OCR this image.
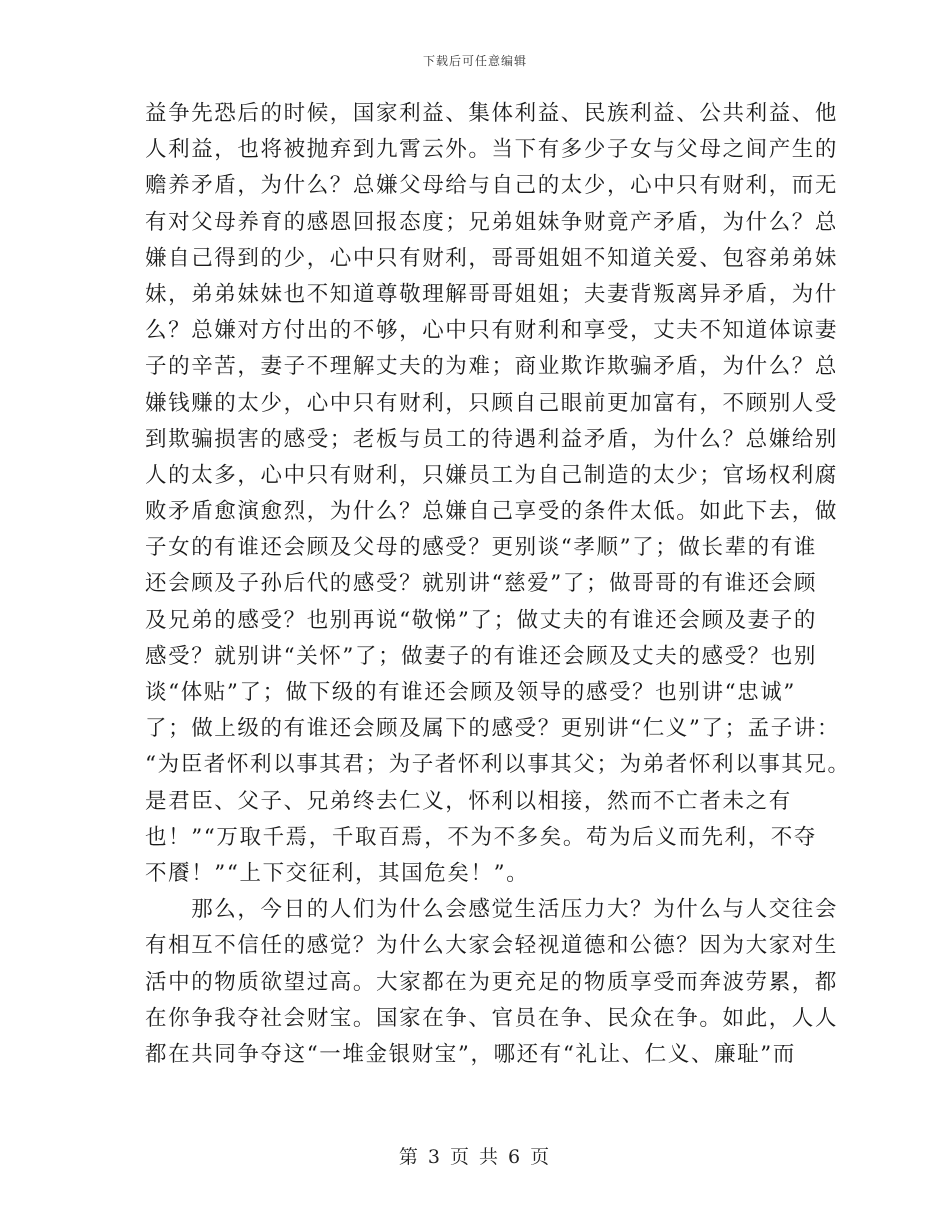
下载后可任意编辑
益争先恐后的时候，国家利益、集体利益、民族利益、公共利益、他
人利益，也将被抛弃到九霄云外。当下有多少子女与父母之间产生的
赡养矛盾，为什么？总嫌父母给与自己的太少，心中只有财利，而无
有对父母养育的感恩回报态度；兄弟姐妹争财竟产矛盾，为什么？总
嫌自己得到的少，心中只有财利，哥哥姐姐不知道关爱、包容弟弟妹
妹，弟弟妹妹也不知道尊敬理解哥哥姐姐；夫妻背叛离异矛盾，为什
么？总嫌对方付出的不够，心中只有财利和享受，丈夫不知道体谅妻
子的辛苦，妻子不理解丈夫的为难；商业欺诈欺骗矛盾，为什么？总
嫌钱赚的太少，心中只有财利，只顾自己眼前更加富有，不顾别人受
到欺骗损害的感受；老板与员工的待遇利益矛盾，为什么？总嫌给别
人的太多，心中只有财利，只嫌员工为自己制造的太少；官场权利腐
败矛盾愈演愈烈，为什么？总嫌自己享受的条件太低。如此下去，做
子女的有谁还会顾及父母的感受？更别谈“孝顺”了；做长辈的有谁
还会顾及子孙后代的感受？就别讲“慈爱”了；做哥哥的有谁还会顾
及兄弟的感受？也别再说“敬悌”了；做丈夫的有谁还会顾及妻子的
感受？就别讲“关怀”了；做妻子的有谁还会顾及丈夫的感受？也别
谈“体贴”了；做下级的有谁还会顾及领导的感受？也别讲“忠诚”
了；做上级的有谁还会顾及属下的感受？更别讲“仁义”了；孟子讲：
“为臣者怀利以事其君；为子者怀利以事其父；为弟者怀利以事其兄。
是君臣、父子、兄弟终去仁义，怀利以相接，然而不亡者未之有
也！”“万取千焉，千取百焉，不为不多矣。苟为后义而先利，不夺
不餍！”“上下交征利，其国危矣！”。
　　那么，今日的人们为什么会感觉生活压力大？为什么与人交往会
有相互不信任的感觉？为什么大家会轻视道德和公德？因为大家对生
活中的物质欲望过高。大家都在为更充足的物质享受而奔波劳累，都
在你争我夺社会财宝。国家在争、官员在争、民众在争。如此，人人
都在共同争夺这“一堆金银财宝”，哪还有“礼让、仁义、廉耻”而
第 3 页 共 6 页
